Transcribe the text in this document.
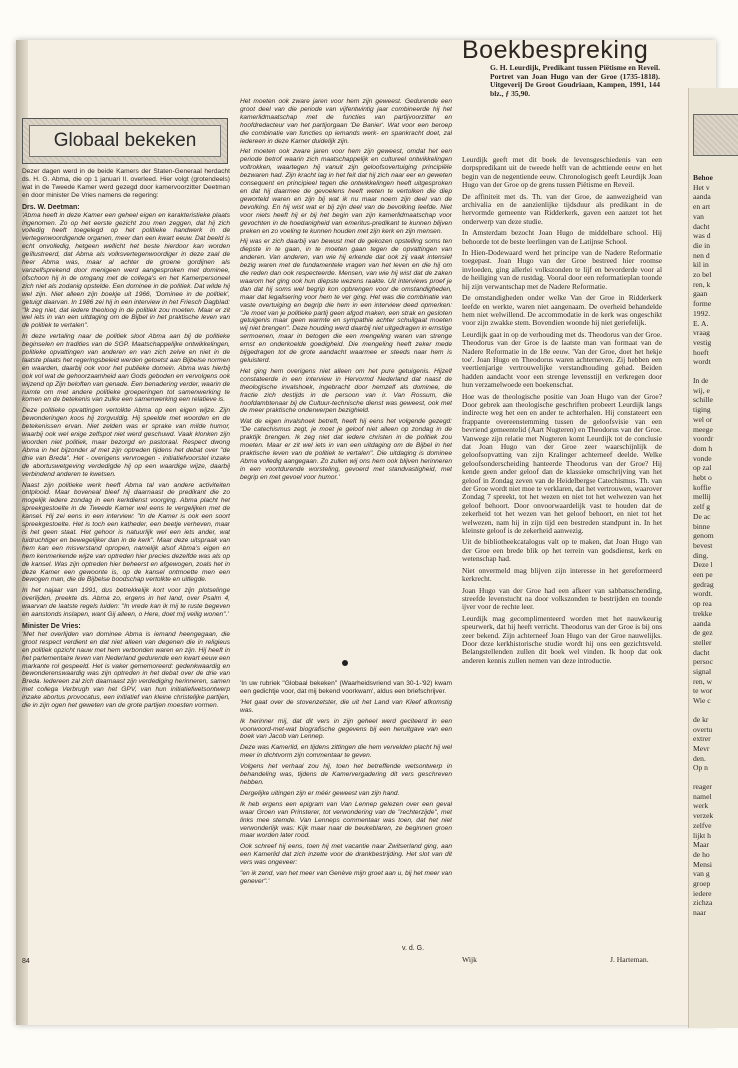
Globaal bekeken

Dezer dagen werd in de beide Kamers der Staten-Generaal herdacht ds. H. G. Abma, die op 1 januari II. overleed. Hier volgt (grotendeels) wat in de Tweede Kamer werd gezegd door kamervoorzitter Deetman en door minister De Vries namens de regering:

Drs. W. Deetman:

'Abma heeft in deze Kamer een geheel eigen en karakteristieke plaats ingenomen. Zo op het eerste gezicht zou men zeggen, dat hij zich volledig heeft toegelegd op het politieke handwerk in de vertegenwoordigende organen, meer dan een kwart eeuw. Dat beeld is echt onvolledig, hetgeen wellicht het beste hierdoor kan worden geïllustreerd, dat Abma als volksvertegenwoordiger in deze zaal de heer Abma was, maar al achter de groene gordijnen als vanzelfsprekend door menigeen werd aangesproken met dominee, ofschoon hij in de omgang met de collega's en het Kamerpersoneel zich niet als zodanig opstelde. Een dominee in de politiek. Dat wilde hij wel zijn. Niet alleen zijn boekje uit 1966, 'Dominee in de politiek', getuigt daarvan. In 1986 zei hij in een interview in het Friesch Dagblad: "Ik zeg niet, dat iedere theoloog in de politiek zou moeten. Maar er zit wel iets in van een uitdaging om de Bijbel in het praktische leven van de politiek te vertalen".

In deze vertaling naar de politiek sloot Abma aan bij de politieke beginselen en tradities van de SGP. Maatschappelijke ontwikkelingen, politieke opvattingen van anderen en van zich zelve en niet in de laatste plaats het regeringsbeleid werden getoetst aan Bijbelse normen en waarden, daarbij ook voor het publieke domein. Abma was hierbij ook vol wat de gehoorzaamheid aan Gods geboden en vervolgens ook wijzend op Zijn beloften van genade. Een benadering verder, waarin de ruimte om met andere politieke groeperingen tot samenwerking te komen en de betekenis van zulke een samenwerking een relatieve is.

Deze politieke opvattingen vertolkte Abma op een eigen wijze. Zijn bewonderingen koos hij zorgvuldig. Hij speelde met woorden en de betekenissen ervan. Niet zelden was er sprake van milde humor, waarbij ook wel enige zelfspot niet werd geschuwd. Vaak klonken zijn woorden niet politiek, maar bezorgd en pastoraal. Respect dwong Abma in het bijzonder af met zijn optreden tijdens het debat over "de drie van Breda". Het - overigens vervroegen - initiatiefvoorstel inzake de abortuswetgeving verdedigde hij op een waardige wijze, daarbij verbindend anderen te kwetsen.

Naast zijn politieke werk heeft Abma tal van andere activiteiten ontplooid. Maar boveneal bleef hij daarnaast de predikant die zo mogelijk iedere zondag in een kerkdienst voorging. Abma placht het spreekgestoelte in de Tweede Kamer wel eens te vergelijken met de kansel. Hij zei eens in een interview: "In de Kamer is ook een soort spreekgestoelte. Het is toch een katheder, een beetje verheven, maar is het geen staat. Het gehoor is natuurlijk wel een iets ander, wat luidruchtiger en bewegelijker dan in de kerk". Maar deze uitspraak van hem kan een misverstand opropen, namelijk alsof Abma's eigen en hem kenmerkende wijze van optreden hier precies dezelfde was als op de kansel. Was zijn optreden hier beheerst en afgewogen, zoals het in deze Kamer een gewoonte is, op de kansel ontmoette men een bewogen man, die de Bijbelse boodschap vertolkte en uitlegde.

In het najaar van 1991, dus betrekkelijk kort voor zijn plotselinge overlijden, preekte ds. Abma zo, ergens in het land, over Psalm 4, waarvan de laatste regels luiden: "In vrede kan ik mij te ruste begeven en aanstonds inslapen, want Gij alleen, o Here, doet mij veilig wonen".'

Minister De Vries:

'Met het overlijden van dominee Abma is iemand heengegaan, die groot respect verdient en dat niet alleen van degenen die in religieus en politiek opzicht nauw met hem verbonden waren en zijn. Hij heeft in het parlementaire leven van Nederland gedurende een kwart eeuw een markante rol gespeeld. Het is vaker gememoreerd: gedenkwaardig en bewonderenswaardig was zijn optreden in het debat over de drie van Breda. Iedereen zal zich daarnaast zijn verdediging herinneren, samen met collega Verbrugh van het GPV, van hun initiatiefwetsontwerp inzake abortus provocatus, een initiatief van kleine christelijke partijen, die in zijn ogen het geweten van de grote partijen moesten vormen.

84

Het moeten ook zware jaren voor hem zijn geweest. Gedurende een groot deel van die periode van vijfentwintig jaar combineerde hij het kamerlidmaatschap met de functies van partijvoorzitter en hoofdredacteur van het partijorgaan 'De Banier'. Wat voor een beroep die combinatie van functies op iemands werk- en spankracht doet, zal iedereen in deze Kamer duidelijk zijn.

Het moeten ook zware jaren voor hem zijn geweest, omdat het een periode betrof waarin zich maatschappelijk en cultureel ontwikkelingen voltrokken, waartegen hij vanuit zijn geloofsovertuiging principiële bezwaren had. Zijn kracht lag in het feit dat hij zich naar eer en geweten consequent en principieel tegen die ontwikkelingen heeft uitgesproken en dat hij daarmee de gevoelens heeft weten te vertolken die diep geworteld waren en zijn bij wat ik nu maar noem zijn deel van de bevolking. En hij wist wat er bij zijn deel van de bevolking leefde. Niet voor niets heeft hij er bij het begin van zijn kamerlidmaatschap voor gevochten in de hoedanigheid van emeritus-predikant te kunnen blijven preken en zo voeling te kunnen houden met zijn kerk en zijn mensen.

Hij was er zich daarbij van bewust met de gekozen opstelling soms ten diepste in te gaan, in te moeten gaan tegen de opvattingen van anderen. Van anderen, van wie hij erkende dat ook zij vaak intensief bezig waren met de fundamentele vragen van het leven en die hij om die reden dan ook respecteerde. Mensen, van wie hij wist dat de zaken waarom het ging ook hun diepste wezens raakte. Uit interviews proef je dan dat hij soms wel begrip kon opbrengen voor de omstandigheden, maar dat legalisering voor hem te ver ging. Het was die combinatie van vaste overtuiging en begrip die hem in een interview deed opmerken: "Je moet van je politieke partij geen afgod maken, een strak en gesloten getuigenis maar geen warmte en sympathie achter schuilgaat moeten wij niet brengen". Deze houding werd daarbij niet uitgedragen in ernstige sermoenen, maar in betogen die een mengeling waren van strenge ernst en onderkoelde goedigheid. Die mengeling heeft zeker mede bijgedragen tot de grote aandacht waarmee er steeds naar hem is geluisterd.

Het ging hem overigens niet alleen om het pure getuigenis. Hijzelf constateerde in een interview in Hervormd Nederland dat naast de theologische invalshoek, ingebracht door hemzelf als dominee, de fractie zich destijds in de persoon van ir. Van Rossum, die hoofdambtenaar bij de Cultuur-technische dienst was geweest, ook met de meer praktische onderwerpen bezighield.

Wat de eigen invalshoek betreft, heeft hij eens het volgende gezegd: "De catechismus zegt, je moet je geloof niet alleen op zondag in de praktijk brengen. Ik zeg niet dat iedere christen in de politiek zou moeten. Maar er zit wel iets in van een uitdaging om de Bijbel in het praktische leven van de politiek te vertalen". Die uitdaging is dominee Abma volledig aangegaan. Zo zullen wij ons hem ook blijven herinneren in een voortdurende worsteling, gevoerd met standvastigheid, met begrip en met gevoel voor humor.'

'In uw rubriek "Globaal bekeken" (Waarheidsvriend van 30-1-'92) kwam een gedichtje voor, dat mij bekend voorkwam', aldus een briefschrijver.

'Het gaat over de stovenzetster, die uit het Land van Kleef afkomstig was.

Ik herinner mij, dat dit vers in zijn geheel werd geciteerd in een voorwoord-met-wat biografische gegevens bij een heruitgave van een boek van Jacob van Lennep.

Deze was Kamerlid, en tijdens zittingen die hem vervelden placht hij wel meer in dichtvorm zijn commentaar te geven.

Volgens het verhaal zou hij, toen het betreffende wetsontwerp in behandeling was, tijdens de Kamervergadering dit vers geschreven hebben.

Dergelijke uitingen zijn er méér geweest van zijn hand.

Ik heb ergens een epigram van Van Lennep gelezen over een geval waar Groen van Prinsterer, tot verwondering van de "rechterzijde", met links mee stemde. Van Lenneps commentaar was toen, dat het niet verwonderlijk was: Kijk maar naar de beukeblaren, ze beginnen groen maar worden later rood.

Ook schreef hij eens, toen hij met vacantie naar Zwitserland ging, aan een Kamerlid dat zich inzette voor de drankbestrijding. Het slot van dit vers was ongeveer:

"en ik zend, van het meer van Genève mijn groet aan u, bij het meer van genever".'

v. d. G.
Boekbespreking
G. H. Leurdijk, Predikant tussen Piëtisme en Reveil. Portret van Joan Hugo van der Groe (1735-1818). Uitgeverij De Groot Goudriaan, Kampen, 1991, 144 blz., ƒ 35,90.

Leurdijk geeft met dit boek de levensgeschiedenis van een dorpspredikant uit de tweede helft van de achttiende eeuw en het begin van de negentiende eeuw. Chronologisch geeft Leurdijk Joan Hugo van der Groe op de grens tussen Piëtisme en Reveil.

De affiniteit met ds. Th. van der Groe, de aanwezigheid van archivalia en de aanzienlijke tijdsduur als predikant in de hervormde gemeente van Ridderkerk, gaven een aanzet tot het onderwerp van deze studie.

In Amsterdam bezocht Joan Hugo de middelbare school. Hij behoorde tot de beste leerlingen van de Latijnse School.

In Hien-Dodewaard werd het principe van de Nadere Reformatie toegepast. Joan Hugo van der Groe bestreed hier roomse invloeden, ging allerlei volkszonden te lijf en bevorderde voor al de heiliging van de rustdag. Vooral door een reformatieplan toonde hij zijn verwantschap met de Nadere Reformatie.

De omstandigheden onder welke Van der Groe in Ridderkerk leefde en werkte, waren niet aangenaam. De overheid behandelde hem niet welwillend. De accommodatie in de kerk was ongeschikt voor zijn zwakke stem. Bovendien woonde hij niet geriefelijk.

Leurdijk gaat in op de verhouding met ds. Theodorus van der Groe. Theodorus van der Groe is de laatste man van formaat van de Nadere Reformatie in de 18e eeuw. 'Van der Groe, doet het hekje toe'. Joan Hugo en Theodorus waren achterneven. Zij hebben een veertienjarige vertrouwelijke verstandhouding gehad. Beiden hadden aandacht voor een strenge levensstijl en verkregen door hun verzamelwoede een boekenschat.

Hoe was de theologische positie van Joan Hugo van der Groe? Door gebrek aan theologische geschriften probeert Leurdijk langs indirecte weg het een en ander te achterhalen. Hij constateert een frappante overeenstemming tussen de geloofsvisie van een bevriend gemeentelid (Aart Nugteren) en Theodorus van der Groe. Vanwege zijn relatie met Nugteren komt Leurdijk tot de conclusie dat Joan Hugo van der Groe zeer waarschijnlijk de geloofsopvatting van zijn Kralinger achterneef deelde. Welke geloofsonderscheiding hanteerde Theodorus van der Groe? Hij kende geen ander geloof dan de klassieke omschrijving van het geloof in Zondag zeven van de Heidelbergse Catechismus. Th. van der Groe wordt niet moe te verklaren, dat het vertrouwen, waarover Zondag 7 spreekt, tot het wezen en niet tot het welwezen van het geloof behoort. Door onvoorwaardelijk vast te houden dat de zekerheid tot het wezen van het geloof behoort, en niet tot het welwezen, nam hij in zijn tijd een bestreden standpunt in. In het kleinste geloof is de zekerheid aanwezig.

Uit de bibliotheekcatalogus valt op te maken, dat Joan Hugo van der Groe een brede blik op het terrein van godsdienst, kerk en wetenschap had.

Niet onvermeld mag blijven zijn interesse in het gereformeerd kerkrecht.

Joan Hugo van der Groe had een afkeer van sabbatsschending, streefde levenstucht na door volkszonden te bestrijden en toonde ijver voor de rechte leer.

Leurdijk mag gecomplimenteerd worden met het nauwkeurig speurwerk, dat hij heeft verricht. Theodorus van der Groe is bij ons zeer bekend. Zijn achterneef Joan Hugo van der Groe nauwelijks. Door deze kerkhistorische studie wordt hij ons een gezichtsveld. Belangstellenden zullen dit boek wel vinden. Ik hoop dat ook anderen kennis zullen nemen van deze introductie.

Wijk	J. Harteman.
Behoe
Het v
aanda
en art
van
dacht
was d
die in
nen d
kil in
zo bel
ren, k
gaan
forme
1992.
E. A.
vraag
vestig
hoeft
wordt
In de
wij, e
schille
tiging
wel or
meege
voordr
dom h
vonde
op zal
hebt o
koffie
mellij
zelf g
De ac
binne
genom
bevest
ding.
Deze l
een pe
gedrag
wordt.
op rea
trekke
aanda
de gez
steller
dacht
persoc
signal
ren, w
te wor
Wie c
de kr
overtu
extrer
Mevr
den.
Op n
reager
namel
werk
verzek
zelfve
lijkt h
Maar
de ho
Mensi
van g
groep
iedere
zichza
naar
